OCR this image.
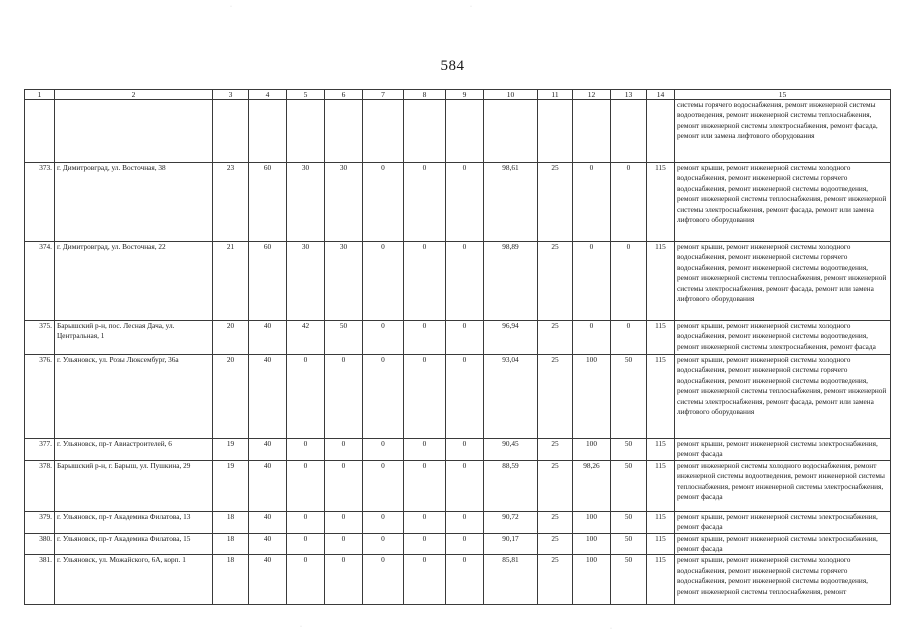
584
1	2	3	4	5	6	7	8	9	10	11	12	13	14	15
														системы горячего водоснабжения, ремонт инженерной системы водоотведения, ремонт инженерной системы теплоснабжения, ремонт инженерной системы электроснабжения, ремонт фасада, ремонт или замена лифтового оборудования
373.	г. Димитровград, ул. Восточная, 38	23	60	30	30	0	0	0	98,61	25	0	0	115	ремонт крыши, ремонт инженерной системы холодного водоснабжения, ремонт инженерной системы горячего водоснабжения, ремонт инженерной системы водоотведения, ремонт инженерной системы теплоснабжения, ремонт инженерной системы электроснабжения, ремонт фасада, ремонт или замена лифтового оборудования
374.	г. Димитровград, ул. Восточная, 22	21	60	30	30	0	0	0	98,89	25	0	0	115	ремонт крыши, ремонт инженерной системы холодного водоснабжения, ремонт инженерной системы горячего водоснабжения, ремонт инженерной системы водоотведения, ремонт инженерной системы теплоснабжения, ремонт инженерной системы электроснабжения, ремонт фасада, ремонт или замена лифтового оборудования
375.	Барышский р-н, пос. Лесная Дача, ул. Центральная, 1	20	40	42	50	0	0	0	96,94	25	0	0	115	ремонт крыши, ремонт инженерной системы холодного водоснабжения, ремонт инженерной системы водоотведения, ремонт инженерной системы электроснабжения, ремонт фасада
376.	г. Ульяновск, ул. Розы Люксембург, 36а	20	40	0	0	0	0	0	93,04	25	100	50	115	ремонт крыши, ремонт инженерной системы холодного водоснабжения, ремонт инженерной системы горячего водоснабжения, ремонт инженерной системы водоотведения, ремонт инженерной системы теплоснабжения, ремонт инженерной системы электроснабжения, ремонт фасада, ремонт или замена лифтового оборудования
377.	г. Ульяновск, пр-т Авиастроителей, 6	19	40	0	0	0	0	0	90,45	25	100	50	115	ремонт крыши, ремонт инженерной системы электроснабжения, ремонт фасада
378.	Барышский р-н, г. Барыш, ул. Пушкина, 29	19	40	0	0	0	0	0	88,59	25	98,26	50	115	ремонт инженерной системы холодного водоснабжения, ремонт инженерной системы водоотведения, ремонт инженерной системы теплоснабжения, ремонт инженерной системы электроснабжения, ремонт фасада
379.	г. Ульяновск, пр-т Академика Филатова, 13	18	40	0	0	0	0	0	90,72	25	100	50	115	ремонт крыши, ремонт инженерной системы электроснабжения, ремонт фасада
380.	г. Ульяновск, пр-т Академика Филатова, 15	18	40	0	0	0	0	0	90,17	25	100	50	115	ремонт крыши, ремонт инженерной системы электроснабжения, ремонт фасада
381.	г. Ульяновск, ул. Можайского, 6А, корп. 1	18	40	0	0	0	0	0	85,81	25	100	50	115	ремонт крыши, ремонт инженерной системы холодного водоснабжения, ремонт инженерной системы горячего водоснабжения, ремонт инженерной системы водоотведения, ремонт инженерной системы теплоснабжения, ремонт
·	·
·	·
